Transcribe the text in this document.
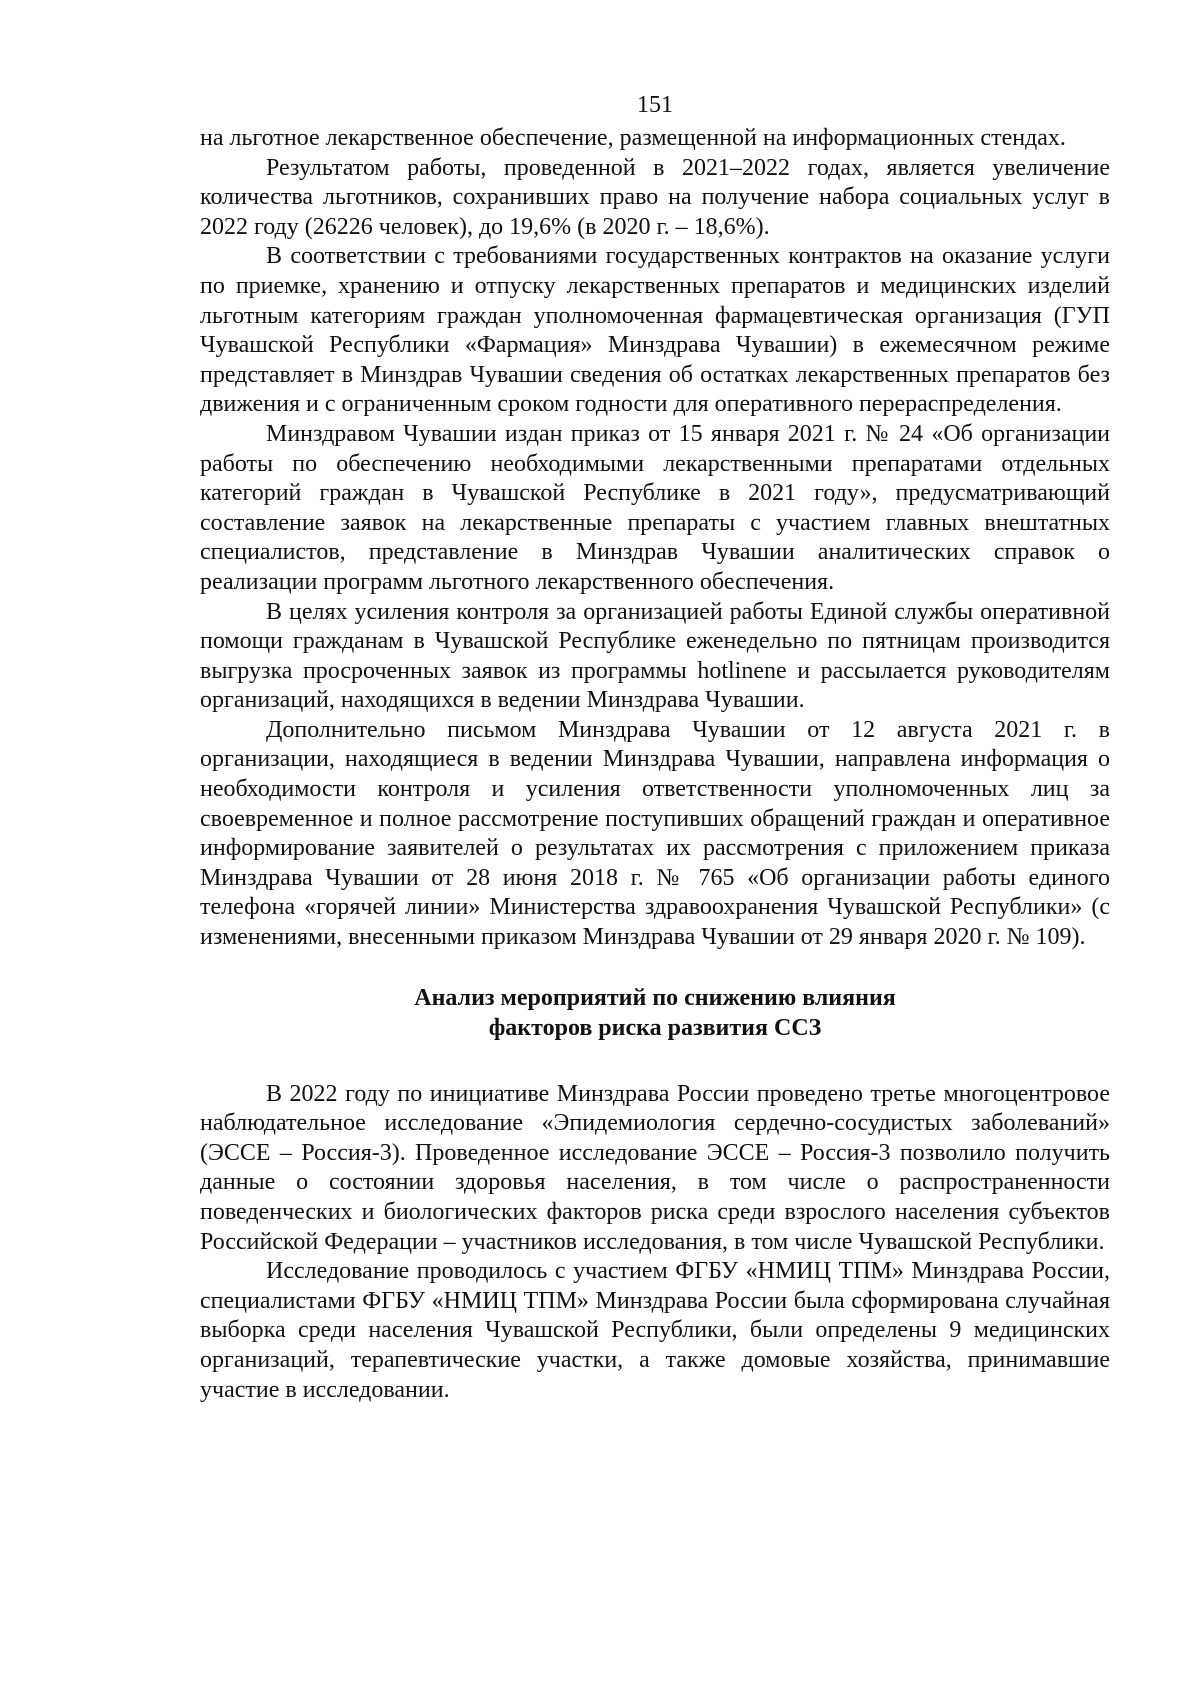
151

на льготное лекарственное обеспечение, размещенной на информационных стендах.

Результатом работы, проведенной в 2021–2022 годах, является увеличение количества льготников, сохранивших право на получение набора социальных услуг в 2022 году (26226 человек), до 19,6% (в 2020 г. – 18,6%).

В соответствии с требованиями государственных контрактов на оказание услуги по приемке, хранению и отпуску лекарственных препаратов и медицинских изделий льготным категориям граждан уполномоченная фармацевтическая организация (ГУП Чувашской Республики «Фармация» Минздрава Чувашии) в ежемесячном режиме представляет в Минздрав Чувашии сведения об остатках лекарственных препаратов без движения и с ограниченным сроком годности для оперативного перераспределения.

Минздравом Чувашии издан приказ от 15 января 2021 г. № 24 «Об организации работы по обеспечению необходимыми лекарственными препаратами отдельных категорий граждан в Чувашской Республике в 2021 году», предусматривающий составление заявок на лекарственные препараты с участием главных внештатных специалистов, представление в Минздрав Чувашии аналитических справок о реализации программ льготного лекарственного обеспечения.

В целях усиления контроля за организацией работы Единой службы оперативной помощи гражданам в Чувашской Республике еженедельно по пятницам производится выгрузка просроченных заявок из программы hotlinene и рассылается руководителям организаций, находящихся в ведении Минздрава Чувашии.

Дополнительно письмом Минздрава Чувашии от 12 августа 2021 г. в организации, находящиеся в ведении Минздрава Чувашии, направлена информация о необходимости контроля и усиления ответственности уполномоченных лиц за своевременное и полное рассмотрение поступивших обращений граждан и оперативное информирование заявителей о результатах их рассмотрения с приложением приказа Минздрава Чувашии от 28 июня 2018 г. № 765 «Об организации работы единого телефона «горячей линии» Министерства здравоохранения Чувашской Республики» (с изменениями, внесенными приказом Минздрава Чувашии от 29 января 2020 г. № 109).

Анализ мероприятий по снижению влияния
факторов риска развития ССЗ

В 2022 году по инициативе Минздрава России проведено третье многоцентровое наблюдательное исследование «Эпидемиология сердечно-сосудистых заболеваний» (ЭССЕ – Россия-3). Проведенное исследование ЭССЕ – Россия-3 позволило получить данные о состоянии здоровья населения, в том числе о распространенности поведенческих и биологических факторов риска среди взрослого населения субъектов Российской Федерации – участников исследования, в том числе Чувашской Республики.

Исследование проводилось с участием ФГБУ «НМИЦ ТПМ» Минздрава России, специалистами ФГБУ «НМИЦ ТПМ» Минздрава России была сформирована случайная выборка среди населения Чувашской Республики, были определены 9 медицинских организаций, терапевтические участки, а также домовые хозяйства, принимавшие участие в исследовании.
